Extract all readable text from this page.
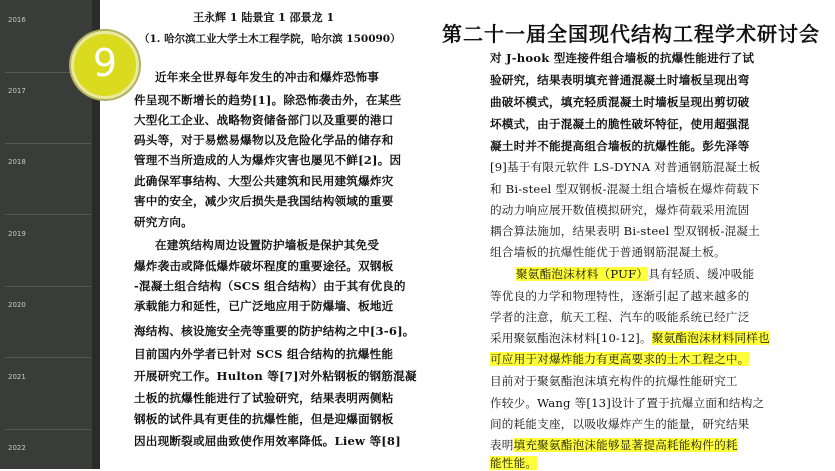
2016
2017
2018
2019
2020
2021
2022
王永辉 1 陆景宜 1 邵景龙 1
（1. 哈尔滨工业大学土木工程学院，哈尔滨 150090）
近年来全世界每年发生的冲击和爆炸恐怖事
件呈现不断增长的趋势[1]。除恐怖袭击外，在某些
大型化工企业、战略物资储备部门以及重要的港口
码头等，对于易燃易爆物以及危险化学品的储存和
管理不当所造成的人为爆炸灾害也屡见不鲜[2]。因
此确保军事结构、大型公共建筑和民用建筑爆炸灾
害中的安全，减少灾后损失是我国结构领域的重要
研究方向。
在建筑结构周边设置防护墙板是保护其免受
爆炸袭击或降低爆炸破坏程度的重要途径。双钢板
-混凝土组合结构（SCS 组合结构）由于其有优良的
承载能力和延性，已广泛地应用于防爆墙、板地近
海结构、核设施安全壳等重要的防护结构之中[3-6]。
目前国内外学者已针对 SCS 组合结构的抗爆性能
开展研究工作。Hulton 等[7]对外粘钢板的钢筋混凝
土板的抗爆性能进行了试验研究，结果表明两侧粘
钢板的试件具有更佳的抗爆性能，但是迎爆面钢板
因出现断裂或屈曲致使作用效率降低。Liew 等[8]
第二十一届全国现代结构工程学术研讨会
对 J-hook 型连接件组合墙板的抗爆性能进行了试
验研究，结果表明填充普通混凝土时墙板呈现出弯
曲破坏模式，填充轻质混凝土时墙板呈现出剪切破
坏模式，由于混凝土的脆性破坏特征，使用超强混
凝土时并不能提高组合墙板的抗爆性能。彭先泽等
[9]基于有限元软件 LS-DYNA 对普通钢筋混凝土板
和 Bi-steel 型双钢板-混凝土组合墙板在爆炸荷载下
的动力响应展开数值模拟研究，爆炸荷载采用流固
耦合算法施加，结果表明 Bi-steel 型双钢板-混凝土
组合墙板的抗爆性能优于普通钢筋混凝土板。
聚氨酯泡沫材料（PUF）具有轻质、缓冲吸能
等优良的力学和物理特性，逐渐引起了越来越多的
学者的注意，航天工程、汽车的吸能系统已经广泛
采用聚氨酯泡沫材料[10-12]。聚氨酯泡沫材料同样也
可应用于对爆炸能力有更高要求的土木工程之中。
目前对于聚氨酯泡沫填充构件的抗爆性能研究工
作较少。Wang 等[13]设计了置于抗爆立面和结构之
间的耗能支座，以吸收爆炸产生的能量，研究结果
表明填充聚氨酯泡沫能够显著提高耗能构件的耗
能性能。
9
